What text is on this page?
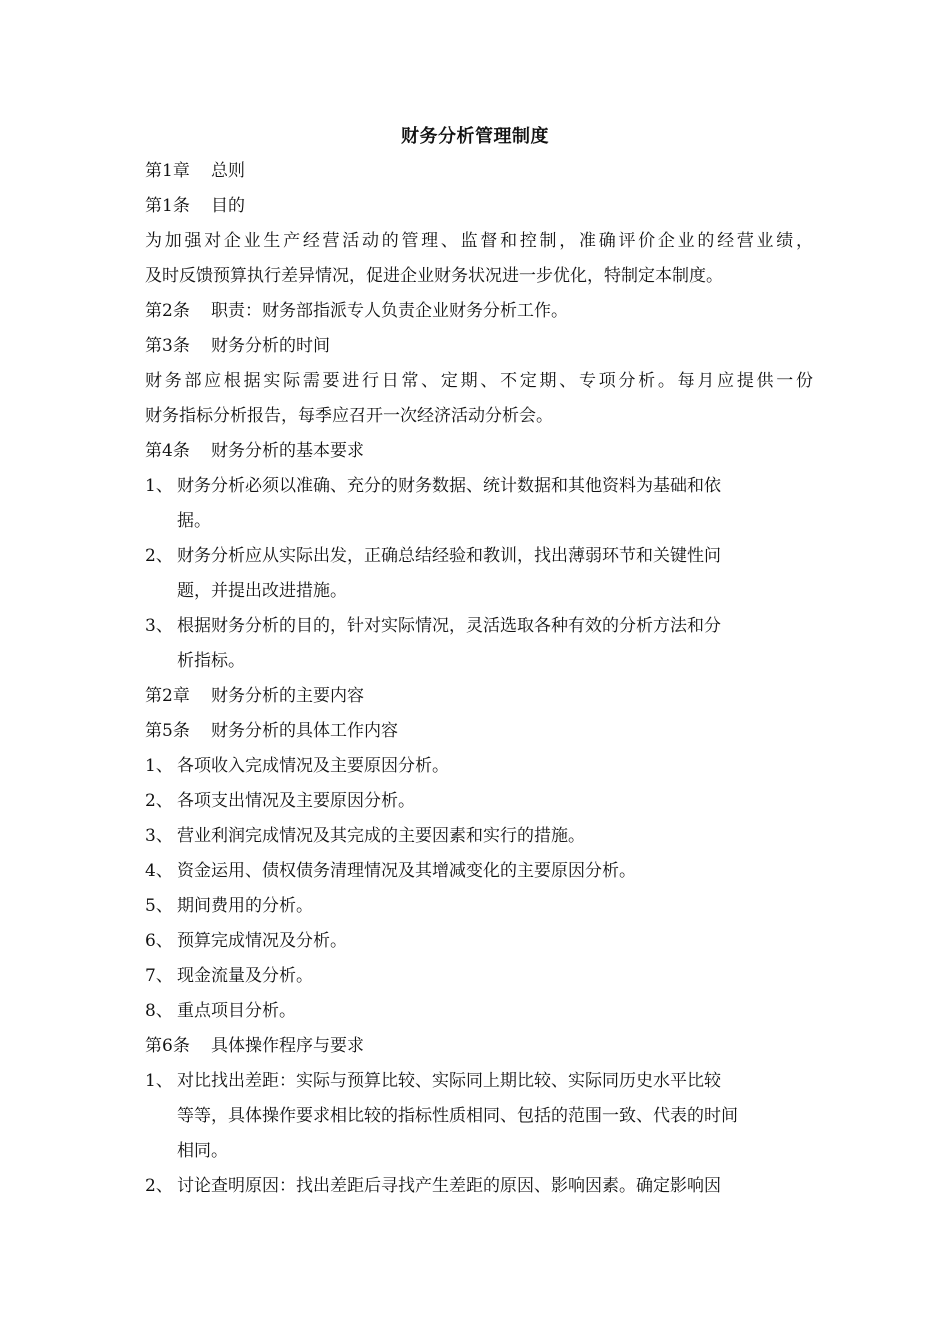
财务分析管理制度
第1章 总则
第1条 目的
为加强对企业生产经营活动的管理、监督和控制，准确评价企业的经营业绩，
及时反馈预算执行差异情况，促进企业财务状况进一步优化，特制定本制度。
第2条 职责：财务部指派专人负责企业财务分析工作。
第3条 财务分析的时间
财务部应根据实际需要进行日常、定期、不定期、专项分析。每月应提供一份
财务指标分析报告，每季应召开一次经济活动分析会。
第4条 财务分析的基本要求
1、 财务分析必须以准确、充分的财务数据、统计数据和其他资料为基础和依
据。
2、 财务分析应从实际出发，正确总结经验和教训，找出薄弱环节和关键性问
题，并提出改进措施。
3、 根据财务分析的目的，针对实际情况，灵活选取各种有效的分析方法和分
析指标。
第2章 财务分析的主要内容
第5条 财务分析的具体工作内容
1、 各项收入完成情况及主要原因分析。
2、 各项支出情况及主要原因分析。
3、 营业利润完成情况及其完成的主要因素和实行的措施。
4、 资金运用、债权债务清理情况及其增减变化的主要原因分析。
5、 期间费用的分析。
6、 预算完成情况及分析。
7、 现金流量及分析。
8、 重点项目分析。
第6条 具体操作程序与要求
1、 对比找出差距：实际与预算比较、实际同上期比较、实际同历史水平比较
等等，具体操作要求相比较的指标性质相同、包括的范围一致、代表的时间
相同。
2、 讨论查明原因：找出差距后寻找产生差距的原因、影响因素。确定影响因
